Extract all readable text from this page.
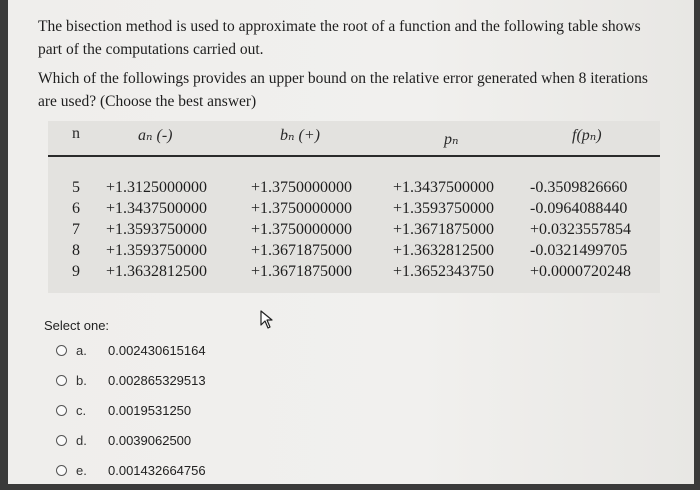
The bisection method is used to approximate the root of a function and the following table shows part of the computations carried out.
Which of the followings provides an upper bound on the relative error generated when 8 iterations are used? (Choose the best answer)
n	aₙ (-)	bₙ (+)	pₙ	f(pₙ)
5 +1.3125000000	+1.3750000000	+1.3437500000 -0.3509826660
6 +1.3437500000	+1.3750000000	+1.3593750000 -0.0964088440
7 +1.3593750000	+1.3750000000	+1.3671875000 +0.0323557854
8 +1.3593750000	+1.3671875000	+1.3632812500 -0.0321499705
9 +1.3632812500	+1.3671875000	+1.3652343750 +0.0000720248
Select one:
a.	0.002430615164
b.	0.002865329513
c.	0.0019531250
d.	0.0039062500
e.	0.001432664756
